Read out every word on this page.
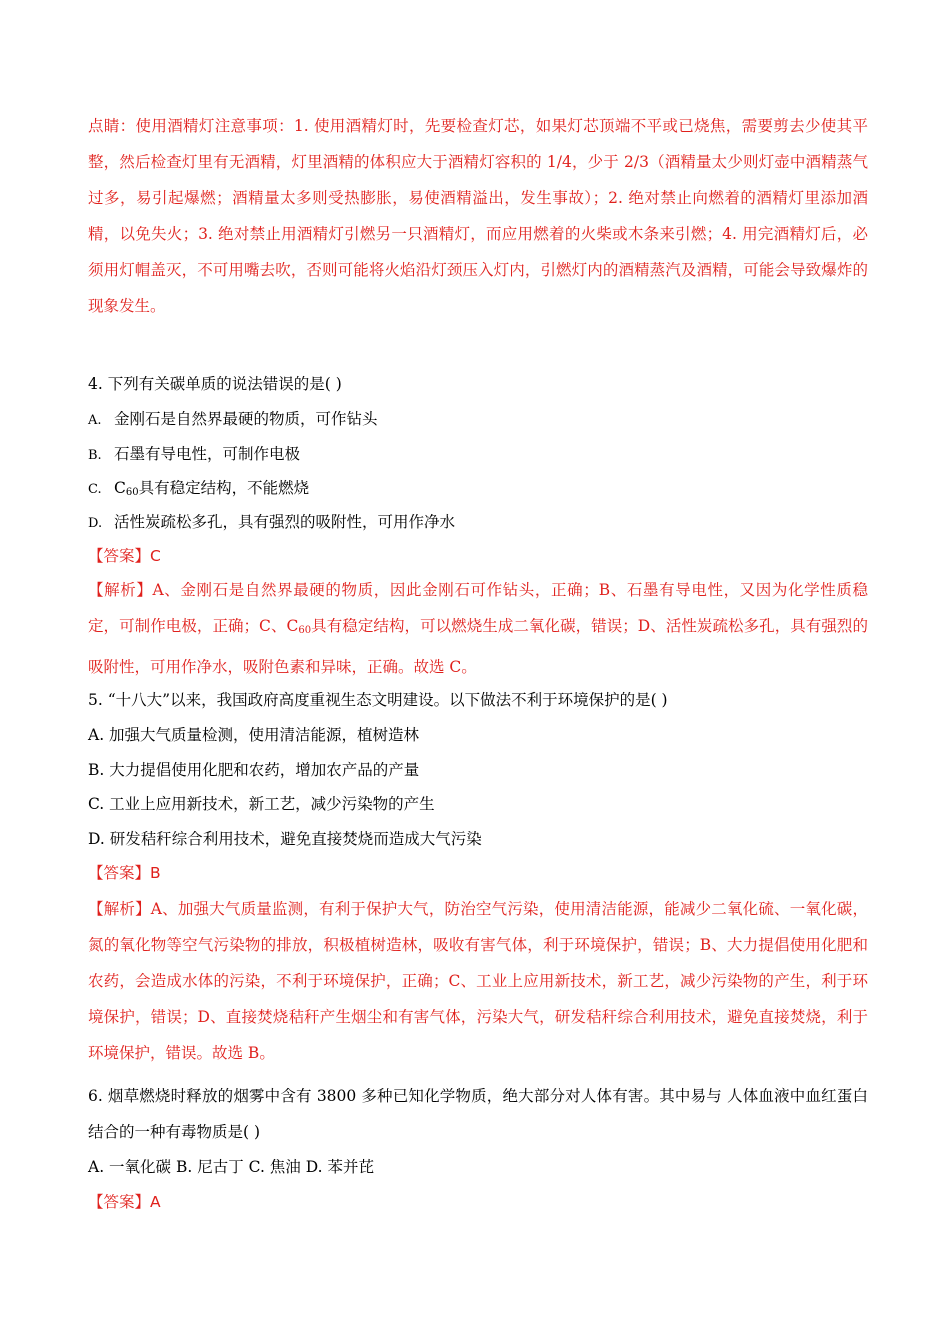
点睛：使用酒精灯注意事项：1. 使用酒精灯时，先要检查灯芯，如果灯芯顶端不平或已烧焦，需要剪去少使其平整，然后检查灯里有无酒精，灯里酒精的体积应大于酒精灯容积的 1/4，少于 2/3（酒精量太少则灯壶中酒精蒸气过多，易引起爆燃；酒精量太多则受热膨胀，易使酒精溢出，发生事故）；2. 绝对禁止向燃着的酒精灯里添加酒精，以免失火；3. 绝对禁止用酒精灯引燃另一只酒精灯，而应用燃着的火柴或木条来引燃；4. 用完酒精灯后，必须用灯帽盖灭，不可用嘴去吹，否则可能将火焰沿灯颈压入灯内，引燃灯内的酒精蒸汽及酒精，可能会导致爆炸的现象发生。

4. 下列有关碳单质的说法错误的是( )
A. 金刚石是自然界最硬的物质，可作钻头
B. 石墨有导电性，可制作电极
C. $C_{60}$具有稳定结构，不能燃烧
D. 活性炭疏松多孔，具有强烈的吸附性，可用作净水
【答案】C

【解析】A、金刚石是自然界最硬的物质，因此金刚石可作钻头，正确；B、石墨有导电性，又因为化学性质稳定，可制作电极，正确；C、$C_{60}$具有稳定结构，可以燃烧生成二氧化碳，错误；D、活性炭疏松多孔，具有强烈的吸附性，可用作净水，吸附色素和异味，正确。故选 C。

5. “十八大”以来，我国政府高度重视生态文明建设。以下做法不利于环境保护的是( )
A. 加强大气质量检测，使用清洁能源，植树造林
B. 大力提倡使用化肥和农药，增加农产品的产量
C. 工业上应用新技术，新工艺，减少污染物的产生
D. 研发秸秆综合利用技术，避免直接焚烧而造成大气污染
【答案】B

【解析】A、加强大气质量监测，有利于保护大气，防治空气污染，使用清洁能源，能减少二氧化硫、一氧化碳，氮的氧化物等空气污染物的排放，积极植树造林，吸收有害气体，利于环境保护，错误；B、大力提倡使用化肥和农药，会造成水体的污染，不利于环境保护，正确；C、工业上应用新技术，新工艺，减少污染物的产生，利于环境保护，错误；D、直接焚烧秸秆产生烟尘和有害气体，污染大气，研发秸秆综合利用技术，避免直接焚烧，利于环境保护，错误。故选 B。

6. 烟草燃烧时释放的烟雾中含有 3800 多种已知化学物质，绝大部分对人体有害。其中易与 人体血液中血红蛋白结合的一种有毒物质是( )

A. 一氧化碳 B. 尼古丁 C. 焦油 D. 苯并芘
【答案】A
